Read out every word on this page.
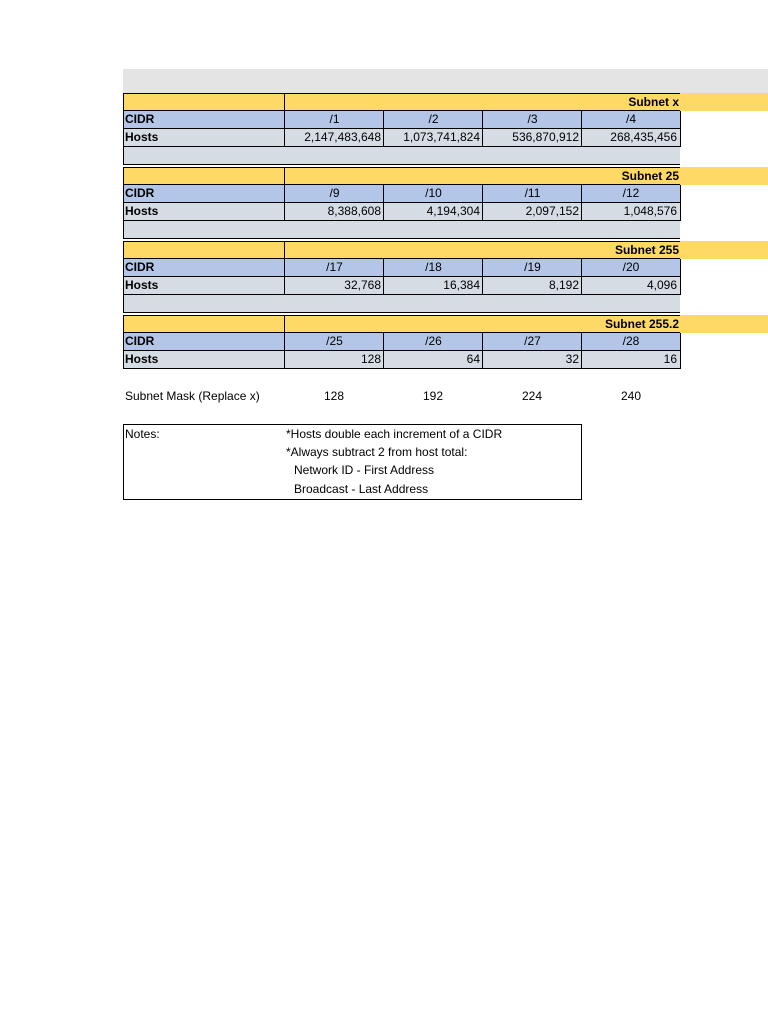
Subnet x
CIDR	/1	/2	/3	/4
Hosts	2,147,483,648	1,073,741,824	536,870,912	268,435,456
Subnet 25
CIDR	/9	/10	/11	/12
Hosts	8,388,608	4,194,304	2,097,152	1,048,576
Subnet 255
CIDR	/17	/18	/19	/20
Hosts	32,768	16,384	8,192	4,096
Subnet 255.2
CIDR	/25	/26	/27	/28
Hosts	128	64	32	16
Subnet Mask (Replace x)	128	192	224	240
Notes:	*Hosts double each increment of a CIDR
*Always subtract 2 from host total:
Network ID - First Address
Broadcast - Last Address
